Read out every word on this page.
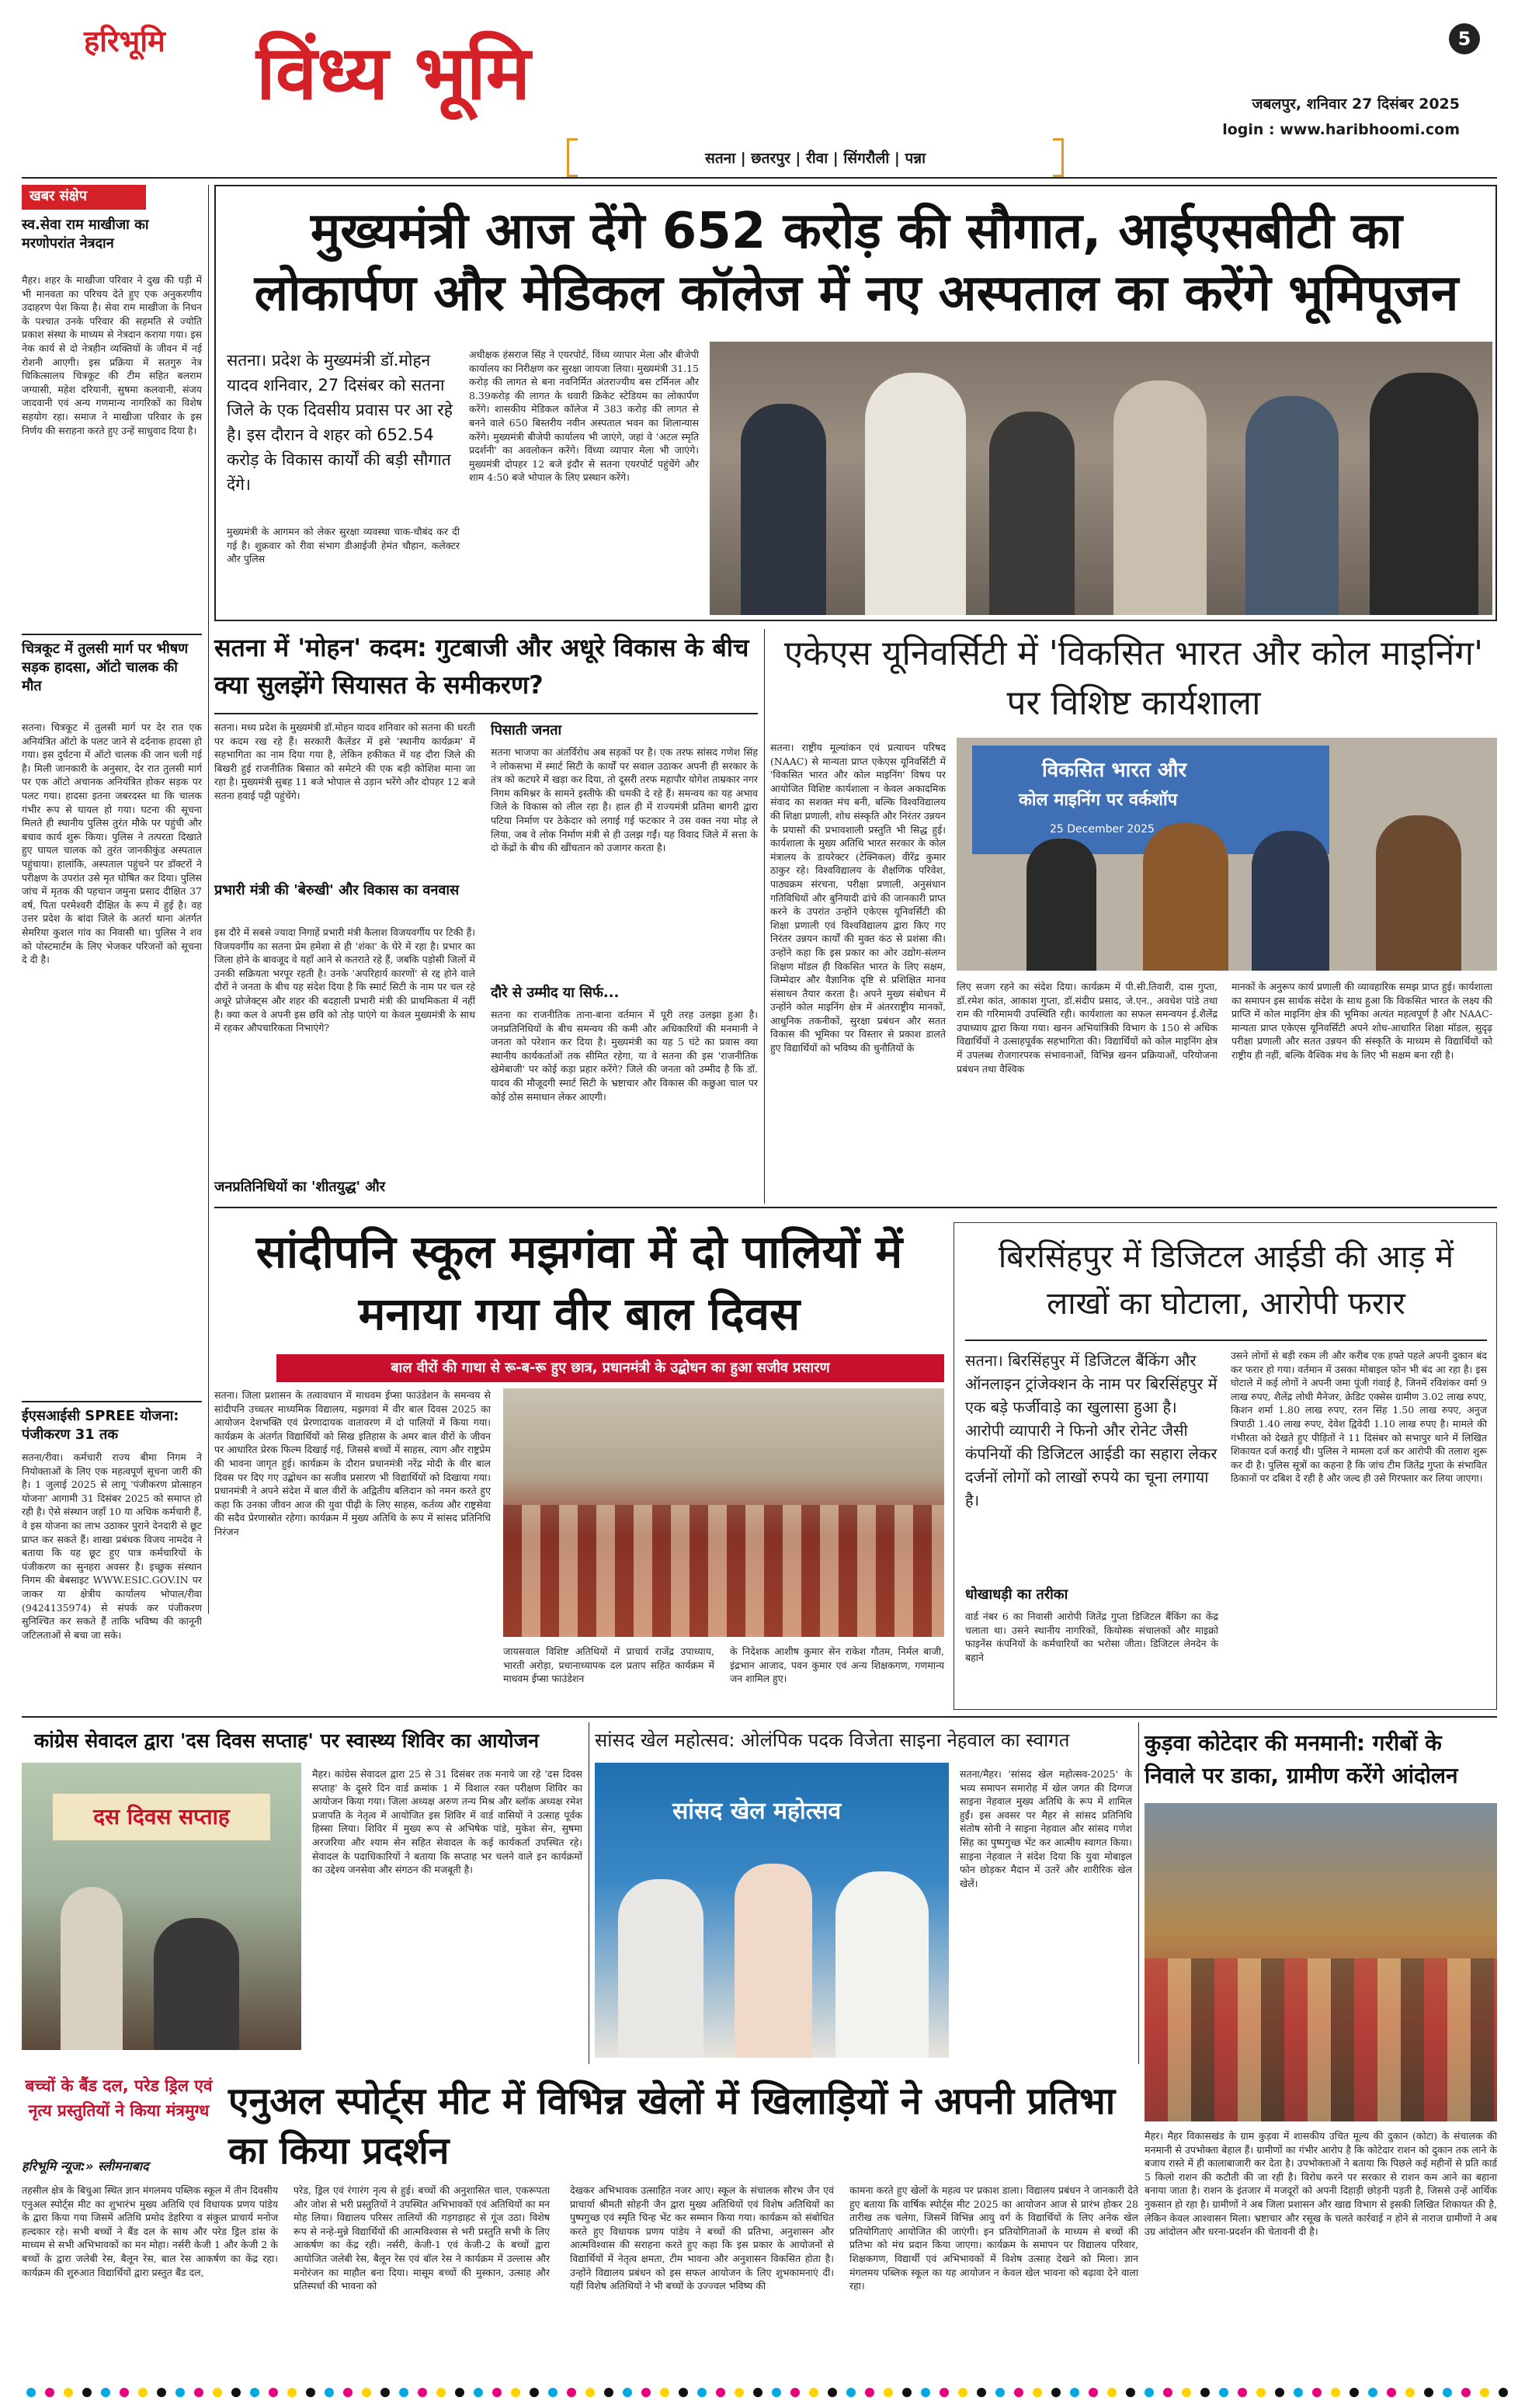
हरिभूमि	विंध्य भूमि	5
जबलपुर, शनिवार 27 दिसंबर 2025
login : www.haribhoomi.com
सतना | छतरपुर | रीवा | सिंगरौली | पन्ना
खबर संक्षेप
स्व.सेवा राम माखीजा का मरणोपरांत नेत्रदान
मैहर। शहर के माखीजा परिवार ने दुख की घड़ी में भी मानवता का परिचय देते हुए एक अनुकरणीय उदाहरण पेश किया है। सेवा राम माखीजा के निधन के पश्चात उनके परिवार की सहमति से ज्योति प्रकाश संस्था के माध्यम से नेत्रदान कराया गया। इस नेक कार्य से दो नेत्रहीन व्यक्तियों के जीवन में नई रोशनी आएगी। इस प्रक्रिया में सतगुरु नेत्र चिकित्सालय चित्रकूट की टीम सहित बलराम जग्यासी, महेश दरियानी, सुषमा कलवानी, संजय जादवानी एवं अन्य गणमान्य नागरिकों का विशेष सहयोग रहा। समाज ने माखीजा परिवार के इस निर्णय की सराहना करते हुए उन्हें साधुवाद दिया है।
चित्रकूट में तुलसी मार्ग पर भीषण सड़क हादसा, ऑटो चालक की मौत
सतना। चित्रकूट में तुलसी मार्ग पर देर रात एक अनियंत्रित ऑटो के पलट जाने से दर्दनाक हादसा हो गया। इस दुर्घटना में ऑटो चालक की जान चली गई है। मिली जानकारी के अनुसार, देर रात तुलसी मार्ग पर एक ऑटो अचानक अनियंत्रित होकर सड़क पर पलट गया। हादसा इतना जबरदस्त था कि चालक गंभीर रूप से घायल हो गया। घटना की सूचना मिलते ही स्थानीय पुलिस तुरंत मौके पर पहुंची और बचाव कार्य शुरू किया। पुलिस ने तत्परता दिखाते हुए घायल चालक को तुरंत जानकीकुंड अस्पताल पहुंचाया। हालांकि, अस्पताल पहुंचने पर डॉक्टरों ने परीक्षण के उपरांत उसे मृत घोषित कर दिया। पुलिस जांच में मृतक की पहचान जमुना प्रसाद दीक्षित 37 वर्ष, पिता परमेश्वरी दीक्षित के रूप में हुई है। वह उत्तर प्रदेश के बांदा जिले के अतर्रा थाना अंतर्गत सेमरिया कुशल गांव का निवासी था। पुलिस ने शव को पोस्टमार्टम के लिए भेजकर परिजनों को सूचना दे दी है।
ईएसआईसी SPREE योजना: पंजीकरण 31 तक
सतना/रीवा। कर्मचारी राज्य बीमा निगम ने नियोक्ताओं के लिए एक महत्वपूर्ण सूचना जारी की है। 1 जुलाई 2025 से लागू 'पंजीकरण प्रोत्साहन योजना' आगामी 31 दिसंबर 2025 को समाप्त हो रही है। ऐसे संस्थान जहाँ 10 या अधिक कर्मचारी हैं, वे इस योजना का लाभ उठाकर पुराने देनदारी से छूट प्राप्त कर सकते हैं। शाखा प्रबंधक विजय नामदेव ने बताया कि यह छूट हुए पात्र कर्मचारियों के पंजीकरण का सुनहरा अवसर है। इच्छुक संस्थान निगम की बेबसाइट WWW.ESIC.GOV.IN पर जाकर या क्षेत्रीय कार्यालय भोपाल/रीवा (9424135974) से संपर्क कर पंजीकरण सुनिश्चित कर सकते हैं ताकि भविष्य की कानूनी जटिलताओं से बचा जा सके।
मुख्यमंत्री आज देंगे 652 करोड़ की सौगात, आईएसबीटी का लोकार्पण और मेडिकल कॉलेज में नए अस्पताल का करेंगे भूमिपूजन
सतना। प्रदेश के मुख्यमंत्री डॉ.मोहन यादव शनिवार, 27 दिसंबर को सतना जिले के एक दिवसीय प्रवास पर आ रहे है। इस दौरान वे शहर को 652.54 करोड़ के विकास कार्यों की बड़ी सौगात देंगे।
मुख्यमंत्री के आगमन को लेकर सुरक्षा व्यवस्था चाक-चौबंद कर दी गई है। शुक्रवार को रीवा संभाग डीआईजी हेमंत चौहान, कलेक्टर और पुलिस
अधीक्षक हंसराज सिंह ने एयरपोर्ट, विंध्य व्यापार मेला और बीजेपी कार्यालय का निरीक्षण कर सुरक्षा जायजा लिया। मुख्यमंत्री 31.15 करोड़ की लागत से बना नवनिर्मित अंतराज्यीय बस टर्मिनल और 8.39करोड़ की लागत के धवारी क्रिकेट स्टेडियम का लोकार्पण करेंगे। शासकीय मेडिकल कॉलेज में 383 करोड़ की लागत से बनने वाले 650 बिस्तरीय नवीन अस्पताल भवन का शिलान्यास करेंगे। मुख्यमंत्री बीजेपी कार्यालय भी जाएंगे, जहां वे 'अटल स्मृति प्रदर्शनी' का अवलोकन करेंगे। विंध्या व्यापार मेला भी जाएंगे। मुख्यमंत्री दोपहर 12 बजे इंदौर से सतना एयरपोर्ट पहुंचेंगे और शाम 4:50 बजे भोपाल के लिए प्रस्थान करेंगे।
सतना में 'मोहन' कदम: गुटबाजी और अधूरे विकास के बीच क्या सुलझेंगे सियासत के समीकरण?
सतना। मध्य प्रदेश के मुख्यमंत्री डॉ.मोहन यादव शनिवार को सतना की धरती पर कदम रख रहे हैं। सरकारी कैलेंडर में इसे 'स्थानीय कार्यक्रम' में सहभागिता का नाम दिया गया है, लेकिन हकीकत में यह दौरा जिले की बिखरी हुई राजनीतिक बिसात को समेटने की एक बड़ी कोशिश माना जा रहा है। मुख्यमंत्री सुबह 11 बजे भोपाल से उड़ान भरेंगे और दोपहर 12 बजे सतना हवाई पट्टी पहुंचेंगे।
प्रभारी मंत्री की 'बेरुखी' और विकास का वनवास
इस दौरे में सबसे ज्यादा निगाहें प्रभारी मंत्री कैलाश विजयवर्गीय पर टिकी हैं। विजयवर्गीय का सतना प्रेम हमेशा से ही 'शंका' के घेरे में रहा है। प्रभार का जिला होने के बावजूद वे यहाँ आने से कतराते रहे हैं, जबकि पड़ोसी जिलों में उनकी सक्रियता भरपूर रहती है। उनके 'अपरिहार्य कारणों' से रद्द होने वाले दौरों ने जनता के बीच यह संदेश दिया है कि स्मार्ट सिटी के नाम पर चल रहे अधूरे प्रोजेक्ट्स और शहर की बदहाली प्रभारी मंत्री की प्राथमिकता में नहीं है। क्या कल वे अपनी इस छवि को तोड़ पाएंगे या केवल मुख्यमंत्री के साथ में रहकर औपचारिकता निभाएंगे?
जनप्रतिनिधियों का 'शीतयुद्ध' और
पिसाती जनता
सतना भाजपा का अंतर्विरोध अब सड़कों पर है। एक तरफ सांसद गणेश सिंह ने लोकसभा में स्मार्ट सिटी के कार्यों पर सवाल उठाकर अपनी ही सरकार के तंत्र को कटघरे में खड़ा कर दिया, तो दूसरी तरफ महापौर योगेश ताम्रकार नगर निगम कमिश्नर के सामने इस्तीफे की धमकी दे रहे हैं। समन्वय का यह अभाव जिले के विकास को लील रहा है। हाल ही में राज्यमंत्री प्रतिमा बागरी द्वारा पटिया निर्माण पर ठेकेदार को लगाई गई फटकार ने उस वक्त नया मोड़ ले लिया, जब वे लोक निर्माण मंत्री से ही उलझ गईं। यह विवाद जिले में सत्ता के दो केंद्रों के बीच की खींचतान को उजागर करता है।
दौरे से उम्मीद या सिर्फ...
सतना का राजनीतिक ताना-बाना वर्तमान में पूरी तरह उलझा हुआ है। जनप्रतिनिधियों के बीच समन्वय की कमी और अधिकारियों की मनमानी ने जनता को परेशान कर दिया है। मुख्यमंत्री का यह 5 घंटे का प्रवास क्या स्थानीय कार्यकर्ताओं तक सीमित रहेगा, या वे सतना की इस 'राजनीतिक खेमेबाजी' पर कोई कड़ा प्रहार करेंगे? जिले की जनता को उम्मीद है कि डॉ. यादव की मौजूदगी स्मार्ट सिटी के भ्रष्टाचार और विकास की कछुआ चाल पर कोई ठोस समाधान लेकर आएगी।
एकेएस यूनिवर्सिटी में 'विकसित भारत और कोल माइनिंग' पर विशिष्ट कार्यशाला
सतना। राष्ट्रीय मूल्यांकन एवं प्रत्यायन परिषद (NAAC) से मान्यता प्राप्त एकेएस यूनिवर्सिटी में 'विकसित भारत और कोल माइनिंग' विषय पर आयोजित विशिष्ट कार्यशाला न केवल अकादमिक संवाद का सशक्त मंच बनी, बल्कि विश्वविद्यालय की शिक्षा प्रणाली, शोध संस्कृति और निरंतर उन्नयन के प्रयासों की प्रभावशाली प्रस्तुति भी सिद्ध हुई। कार्यशाला के मुख्य अतिथि भारत सरकार के कोल मंत्रालय के डायरेक्टर (टेक्निकल) वीरेंद्र कुमार ठाकुर रहे। विश्वविद्यालय के शैक्षणिक परिवेश, पाठ्यक्रम संरचना, परीक्षा प्रणाली, अनुसंधान गतिविधियों और बुनियादी ढांचे की जानकारी प्राप्त करने के उपरांत उन्होंने एकेएस यूनिवर्सिटी की शिक्षा प्रणाली एवं विश्वविद्यालय द्वारा किए गए निरंतर उन्नयन कार्यों की मुक्त कंठ से प्रशंसा की। उन्होंने कहा कि इस प्रकार का ओर उद्योग-संलग्न शिक्षण मॉडल ही विकसित भारत के लिए सक्षम, जिम्मेदार और वैज्ञानिक दृष्टि से प्रशिक्षित मानव संसाधन तैयार करता है। अपने मुख्य संबोधन में उन्होंने कोल माइनिंग क्षेत्र में अंतरराष्ट्रीय मानकों, आधुनिक तकनीकों, सुरक्षा प्रबंधन और सतत विकास की भूमिका पर विस्तार से प्रकाश डालते हुए विद्यार्थियों को भविष्य की चुनौतियों के
विकसित भारत और
कोल माइनिंग पर वर्कशॉप
25 December 2025
लिए सजग रहने का संदेश दिया। कार्यक्रम में पी.सी.तिवारी, दास गुप्ता, डॉ.रमेश कांत, आकाश गुप्ता, डॉ.संदीप प्रसाद, जे.एन., अवधेश पांडे तथा राम की गरिमामयी उपस्थिति रही। कार्यशाला का सफल समन्वयन ई.शैलेंद्र उपाध्याय द्वारा किया गया। खनन अभियांत्रिकी विभाग के 150 से अधिक विद्यार्थियों ने उत्साहपूर्वक सहभागिता की। विद्यार्थियों को कोल माइनिंग क्षेत्र में उपलब्ध रोजगारपरक संभावनाओं, विभिन्न खनन प्रक्रियाओं, परियोजना प्रबंधन तथा वैश्विक
मानकों के अनुरूप कार्य प्रणाली की व्यावहारिक समझ प्राप्त हुई। कार्यशाला का समापन इस सार्थक संदेश के साथ हुआ कि विकसित भारत के लक्ष्य की प्राप्ति में कोल माइनिंग क्षेत्र की भूमिका अत्यंत महत्वपूर्ण है और NAAC-मान्यता प्राप्त एकेएस यूनिवर्सिटी अपने शोध-आधारित शिक्षा मॉडल, सुदृढ़ परीक्षा प्रणाली और सतत उन्नयन की संस्कृति के माध्यम से विद्यार्थियों को राष्ट्रीय ही नहीं, बल्कि वैश्विक मंच के लिए भी सक्षम बना रही है।
सांदीपनि स्कूल मझगंवा में दो पालियों में मनाया गया वीर बाल दिवस
बाल वीरों की गाथा से रू-ब-रू हुए छात्र, प्रधानमंत्री के उद्बोधन का हुआ सजीव प्रसारण
सतना। जिला प्रशासन के तत्वावधान में माधवम ईप्सा फाउंडेशन के समन्वय से सांदीपनि उच्चतर माध्यमिक विद्यालय, मझगवां में वीर बाल दिवस 2025 का आयोजन देशभक्ति एवं प्रेरणादायक वातावरण में दो पालियों में किया गया। कार्यक्रम के अंतर्गत विद्यार्थियों को सिख इतिहास के अमर बाल वीरों के जीवन पर आधारित प्रेरक फिल्म दिखाई गई, जिससे बच्चों में साहस, त्याग और राष्ट्रप्रेम की भावना जागृत हुई। कार्यक्रम के दौरान प्रधानमंत्री नरेंद्र मोदी के वीर बाल दिवस पर दिए गए उद्बोधन का सजीव प्रसारण भी विद्यार्थियों को दिखाया गया। प्रधानमंत्री ने अपने संदेश में बाल वीरों के अद्वितीय बलिदान को नमन करते हुए कहा कि उनका जीवन आज की युवा पीढ़ी के लिए साहस, कर्तव्य और राष्ट्रसेवा की सदैव प्रेरणास्रोत रहेगा। कार्यक्रम में मुख्य अतिथि के रूप में सांसद प्रतिनिधि निरंजन
जायसवाल विशिष्ट अतिथियों में प्राचार्य राजेंद्र उपाध्याय, भारती अरोड़ा, प्रधानाध्यापक दल प्रताप सहित कार्यक्रम में माधवम ईप्सा फाउंडेशन
के निदेशक आशीष कुमार सेन राकेश गौतम, निर्मल बाजी, इंद्रभान आजाद, पवन कुमार एवं अन्य शिक्षकगण, गणमान्य जन शामिल हुए।
बिरसिंहपुर में डिजिटल आईडी की आड़ में लाखों का घोटाला, आरोपी फरार
सतना। बिरसिंहपुर में डिजिटल बैंकिंग और ऑनलाइन ट्रांजेक्शन के नाम पर बिरसिंहपुर में एक बड़े फर्जीवाड़े का खुलासा हुआ है। आरोपी व्यापारी ने फिनो और रोनेट जैसी कंपनियों की डिजिटल आईडी का सहारा लेकर दर्जनों लोगों को लाखों रुपये का चूना लगाया है।
धोखाधड़ी का तरीका
वार्ड नंबर 6 का निवासी आरोपी जितेंद्र गुप्ता डिजिटल बैंकिंग का केंद्र चलाता था। उसने स्थानीय नागरिकों, कियोस्क संचालकों और माइक्रो फाइनेंस कंपनियों के कर्मचारियों का भरोसा जीता। डिजिटल लेनदेन के बहाने
उसने लोगों से बड़ी रकम ली और करीब एक हफ्ते पहले अपनी दुकान बंद कर फरार हो गया। वर्तमान में उसका मोबाइल फोन भी बंद आ रहा है। इस घोटाले में कई लोगों ने अपनी जमा पूंजी गंवाई है, जिनमें रविशंकर वर्मा 9 लाख रुपए, शैलेंद्र लोधी मैनेजर, क्रेडिट एक्सेस ग्रामीण 3.02 लाख रुपए, किशन शर्मा 1.80 लाख रुपए, रतन सिंह 1.50 लाख रुपए, अनुज त्रिपाठी 1.40 लाख रुपए, देवेश द्विवेदी 1.10 लाख रुपए है। मामले की गंभीरता को देखते हुए पीड़ितों ने 11 दिसंबर को सभापुर थाने में लिखित शिकायत दर्ज कराई थी। पुलिस ने मामला दर्ज कर आरोपी की तलाश शुरू कर दी है। पुलिस सूत्रों का कहना है कि जांच टीम जितेंद्र गुप्ता के संभावित ठिकानों पर दबिश दे रही है और जल्द ही उसे गिरफ्तार कर लिया जाएगा।
कांग्रेस सेवादल द्वारा 'दस दिवस सप्ताह' पर स्वास्थ्य शिविर का आयोजन
दस दिवस सप्ताह
मैहर। कांग्रेस सेवादल द्वारा 25 से 31 दिसंबर तक मनाये जा रहे 'दस दिवस सप्ताह' के दूसरे दिन वार्ड क्रमांक 1 में विशाल रक्त परीक्षण शिविर का आयोजन किया गया। जिला अध्यक्ष अरुण तन्य मिश्र और ब्लॉक अध्यक्ष रमेश प्रजापति के नेतृत्व में आयोजित इस शिविर में वार्ड वासियों ने उत्साह पूर्वक हिस्सा लिया। शिविर में मुख्य रूप से अभिषेक पांडे, मुकेश सेन, सुषमा अरजरिया और श्याम सेन सहित सेवादल के कई कार्यकर्ता उपस्थित रहे। सेवादल के पदाधिकारियों ने बताया कि सप्ताह भर चलने वाले इन कार्यक्रमों का उद्देश्य जनसेवा और संगठन की मजबूती है।
सांसद खेल महोत्सव: ओलंपिक पदक विजेता साइना नेहवाल का स्वागत
सांसद खेल महोत्सव
सतना/मैहर। 'सांसद खेल महोत्सव-2025' के भव्य समापन समारोह में खेल जगत की दिग्गज साइना नेहवाल मुख्य अतिथि के रूप में शामिल हुईं। इस अवसर पर मैहर से सांसद प्रतिनिधि संतोष सोनी ने साइना नेहवाल और सांसद गणेश सिंह का पुष्पगुच्छ भेंट कर आत्मीय स्वागत किया। साइना नेहवाल ने संदेश दिया कि युवा मोबाइल फोन छोड़कर मैदान में उतरें और शारीरिक खेल खेलें।
कुड़वा कोटेदार की मनमानी: गरीबों के निवाले पर डाका, ग्रामीण करेंगे आंदोलन
मैहर। मैहर विकासखंड के ग्राम कुड़वा में शासकीय उचित मूल्य की दुकान (कोटा) के संचालक की मनमानी से उपभोक्ता बेहाल हैं। ग्रामीणों का गंभीर आरोप है कि कोटेदार राशन को दुकान तक लाने के बजाय रास्ते में ही कालाबाजारी कर देता है। उपभोक्ताओं ने बताया कि पिछले कई महीनों से प्रति कार्ड 5 किलो राशन की कटौती की जा रही है। विरोध करने पर सरकार से राशन कम आने का बहाना बनाया जाता है। राशन के इंतजार में मजदूरों को अपनी दिहाड़ी छोड़नी पड़ती है, जिससे उन्हें आर्थिक नुकसान हो रहा है। ग्रामीणों ने अब जिला प्रशासन और खाद्य विभाग से इसकी लिखित शिकायत की है, लेकिन केवल आश्वासन मिला। भ्रष्टाचार और रसूख के चलते कार्रवाई न होने से नाराज ग्रामीणों ने अब उग्र आंदोलन और धरना-प्रदर्शन की चेतावनी दी है।
बच्चों के बैंड दल, परेड ड्रिल एवं नृत्य प्रस्तुतियों ने किया मंत्रमुग्ध
हरिभूमि न्यूज:» स्लीमनाबाद
एनुअल स्पोर्ट्स मीट में विभिन्न खेलों में खिलाड़ियों ने अपनी प्रतिभा का किया प्रदर्शन
तहसील क्षेत्र के बिचुआ स्थित ज्ञान मंगलमय पब्लिक स्कूल में तीन दिवसीय एनुअल स्पोर्ट्स मीट का शुभारंभ मुख्य अतिथि एवं विधायक प्रणय पांडेय के द्वारा किया गया जिसमें अतिथि प्रमोद डेहरिया व संकुल प्राचार्य मनोज हल्दकार रहे। सभी बच्चों ने बैंड दल के साथ और परेड ड्रिल डांस के माध्यम से सभी अभिभावकों का मन मोहा। नर्सरी केजी 1 और केजी 2 के बच्चों के द्वारा जलेबी रेस, बैलून रेस, बाल रेस आकर्षण का केंद्र रहा। कार्यक्रम की शुरुआत विद्यार्थियों द्वारा प्रस्तुत बैंड दल,
परेड, ड्रिल एवं रंगारंग नृत्य से हुई। बच्चों की अनुशासित चाल, एकरूपता और जोश से भरी प्रस्तुतियों ने उपस्थित अभिभावकों एवं अतिथियों का मन मोह लिया। विद्यालय परिसर तालियों की गड़गड़ाहट से गूंज उठा। विशेष रूप से नन्हे-मुन्ने विद्यार्थियों की आत्मविश्वास से भरी प्रस्तुति सभी के लिए आकर्षण का केंद्र रही। नर्सरी, केजी-1 एवं केजी-2 के बच्चों द्वारा आयोजित जलेबी रेस, बैलून रेस एवं बॉल रेस ने कार्यक्रम में उल्लास और मनोरंजन का माहौल बना दिया। मासूम बच्चों की मुस्कान, उत्साह और प्रतिस्पर्धा की भावना को
देखकर अभिभावक उत्साहित नजर आए। स्कूल के संचालक सौरभ जैन एवं प्राचार्या श्रीमती सोहनी जैन द्वारा मुख्य अतिथियों एवं विशेष अतिथियों का पुष्पगुच्छ एवं स्मृति चिन्ह भेंट कर सम्मान किया गया। कार्यक्रम को संबोधित करते हुए विधायक प्रणय पांडेय ने बच्चों की प्रतिभा, अनुशासन और आत्मविश्वास की सराहना करते हुए कहा कि इस प्रकार के आयोजनों से विद्यार्थियों में नेतृत्व क्षमता, टीम भावना और अनुशासन विकसित होता है। उन्होंने विद्यालय प्रबंधन को इस सफल आयोजन के लिए शुभकामनाएं दीं। यहीं विशेष अतिथियों ने भी बच्चों के उज्ज्वल भविष्य की
कामना करते हुए खेलों के महत्व पर प्रकाश डाला। विद्यालय प्रबंधन ने जानकारी देते हुए बताया कि वार्षिक स्पोर्ट्स मीट 2025 का आयोजन आज से प्रारंभ होकर 28 तारीख तक चलेगा, जिसमें विभिन्न आयु वर्ग के विद्यार्थियों के लिए अनेक खेल प्रतियोगिताएं आयोजित की जाएंगी। इन प्रतियोगिताओं के माध्यम से बच्चों की प्रतिभा को मंच प्रदान किया जाएगा। कार्यक्रम के समापन पर विद्यालय परिवार, शिक्षकगण, विद्यार्थी एवं अभिभावकों में विशेष उत्साह देखने को मिला। ज्ञान मंगलमय पब्लिक स्कूल का यह आयोजन न केवल खेल भावना को बढ़ावा देने वाला रहा।
